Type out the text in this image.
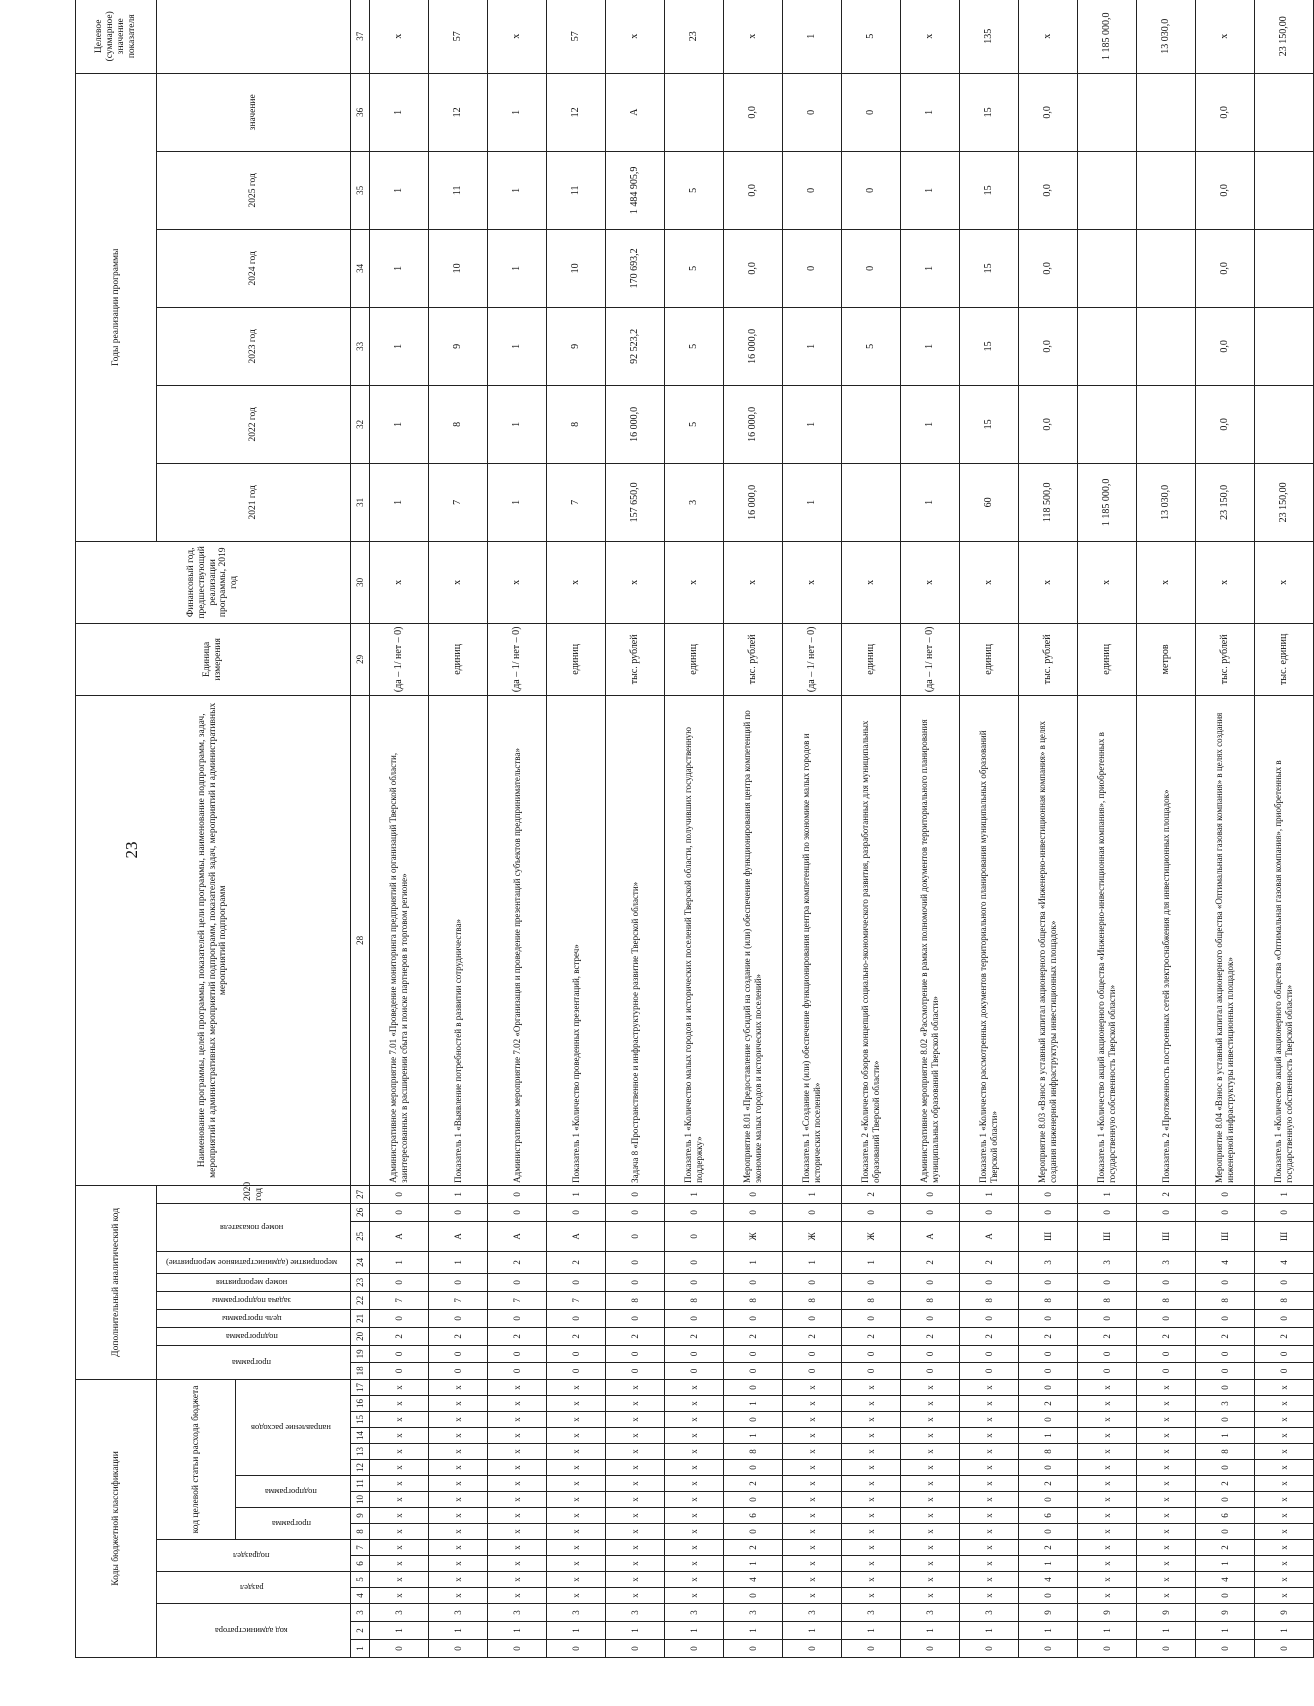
23
Коды бюджетной классификации																	Дополнительный аналитический код										Наименование программы, целей программы, показателей цели программы, наименование подпрограмм, задач, мероприятий и административных мероприятий подпрограмм, показателей задач, мероприятий и административных мероприятий подпрограмм	Единица измерения	Финансовый год, предшествующий реализации программы, 2019 год	Годы реализации программы						Целевое (суммарное) значение показателя
код администратора			раздел		подраздел		код целевой статьи расхода бюджета										программа		подпрограмма	цель программы	задача подпрограммы	номер мероприятия	мероприятие (административное мероприятие)	номер показателя		2020 год				2021 год	2022 год	2023 год	2024 год	2025 год	значение	
							программа		подпрограмма		направление расходов																									
1	2	3	4	5	6	7	8	9	10	11	12	13	14	15	16	17	18	19	20	21	22	23	24	25	26	27	28	29	30	31	32	33	34	35	36	37
0	1	3	х	х	х	х	х	х	х	х	х	х	х	х	х	х	0	0	2	0	7	0	1	А	0	0	Административное мероприятие 7.01 «Проведение мониторинга предприятий и организаций Тверской области, заинтересованных в расширении сбыта и поиске партнеров в торговом регионе»	(да – 1/ нет – 0)	х	1	1	1	1	1	1	х
0	1	3	х	х	х	х	х	х	х	х	х	х	х	х	х	х	0	0	2	0	7	0	1	А	0	1	Показатель 1 «Выявление потребностей в развитии сотрудничества»	единиц	х	7	8	9	10	11	12	57
0	1	3	х	х	х	х	х	х	х	х	х	х	х	х	х	х	0	0	2	0	7	0	2	А	0	0	Административное мероприятие 7.02 «Организация и проведение презентаций субъектов предпринимательства»	(да – 1/ нет – 0)	х	1	1	1	1	1	1	х
0	1	3	х	х	х	х	х	х	х	х	х	х	х	х	х	х	0	0	2	0	7	0	2	А	0	1	Показатель 1 «Количество проведенных презентаций, встреч»	единиц	х	7	8	9	10	11	12	57
0	1	3	х	х	х	х	х	х	х	х	х	х	х	х	х	х	0	0	2	0	8	0	0	0	0	0	Задача 8 «Пространственное и инфраструктурное развитие Тверской области»	тыс. рублей	х	157 650,0	16 000,0	92 523,2	170 693,2	1 484 905,9	А	х
0	1	3	х	х	х	х	х	х	х	х	х	х	х	х	х	х	0	0	2	0	8	0	0	0	0	1	Показатель 1 «Количество малых городов и исторических поселений Тверской области, получивших государственную поддержку»	единиц	х	3	5	5	5	5		23
0	1	3	0	4	1	2	0	6	0	2	0	8	1	0	1	0	0	0	2	0	8	0	1	Ж	0	0	Мероприятие 8.01 «Предоставление субсидий на создание и (или) обеспечение функционирования центра компетенций по экономике малых городов и исторических поселений»	тыс. рублей	х	16 000,0	16 000,0	16 000,0	0,0	0,0	0,0	х
0	1	3	х	х	х	х	х	х	х	х	х	х	х	х	х	х	0	0	2	0	8	0	1	Ж	0	1	Показатель 1 «Создание и (или) обеспечение функционирования центра компетенций по экономике малых городов и исторических поселений»	(да – 1/ нет – 0)	х	1	1	1	0	0	0	1
0	1	3	х	х	х	х	х	х	х	х	х	х	х	х	х	х	0	0	2	0	8	0	1	Ж	0	2	Показатель 2 «Количество обзоров концепций социально-экономического развития, разработанных для муниципальных образований Тверской области»	единиц	х			5	0	0	0	5
0	1	3	х	х	х	х	х	х	х	х	х	х	х	х	х	х	0	0	2	0	8	0	2	А	0	0	Административное мероприятие 8.02 «Рассмотрение в рамках полномочий документов территориального планирования муниципальных образований Тверской области»	(да – 1/ нет – 0)	х	1	1	1	1	1	1	х
0	1	3	х	х	х	х	х	х	х	х	х	х	х	х	х	х	0	0	2	0	8	0	2	А	0	1	Показатель 1 «Количество рассмотренных документов территориального планирования муниципальных образований Тверской области»	единиц	х	60	15	15	15	15	15	135
0	1	9	0	4	1	2	0	6	0	2	0	8	1	0	2	0	0	0	2	0	8	0	3	Ш	0	0	Мероприятие 8.03 «Взнос в уставный капитал акционерного общества «Инженерно-инвестиционная компания» в целях создания инженерной инфраструктуры инвестиционных площадок»	тыс. рублей	х	118 500,0	0,0	0,0	0,0	0,0	0,0	х
0	1	9	х	х	х	х	х	х	х	х	х	х	х	х	х	х	0	0	2	0	8	0	3	Ш	0	1	Показатель 1 «Количество акций акционерного общества «Инженерно-инвестиционная компания», приобретенных в государственную собственность Тверской области»	единиц	х	1 185 000,0						1 185 000,0
0	1	9	х	х	х	х	х	х	х	х	х	х	х	х	х	х	0	0	2	0	8	0	3	Ш	0	2	Показатель 2 «Протяженность построенных сетей электроснабжения для инвестиционных площадок»	метров	х	13 030,0						13 030,0
0	1	9	0	4	1	2	0	6	0	2	0	8	1	0	3	0	0	0	2	0	8	0	4	Ш	0	0	Мероприятие 8.04 «Взнос в уставный капитал акционерного общества «Оптимальная газовая компания» в целях создания инженерной инфраструктуры инвестиционных площадок»	тыс. рублей	х	23 150,0	0,0	0,0	0,0	0,0	0,0	х
0	1	9	х	х	х	х	х	х	х	х	х	х	х	х	х	х	0	0	2	0	8	0	4	Ш	0	1	Показатель 1 «Количество акций акционерного общества «Оптимальная газовая компания», приобретенных в государственную собственность Тверской области»	тыс. единиц	х	23 150,00						23 150,00
